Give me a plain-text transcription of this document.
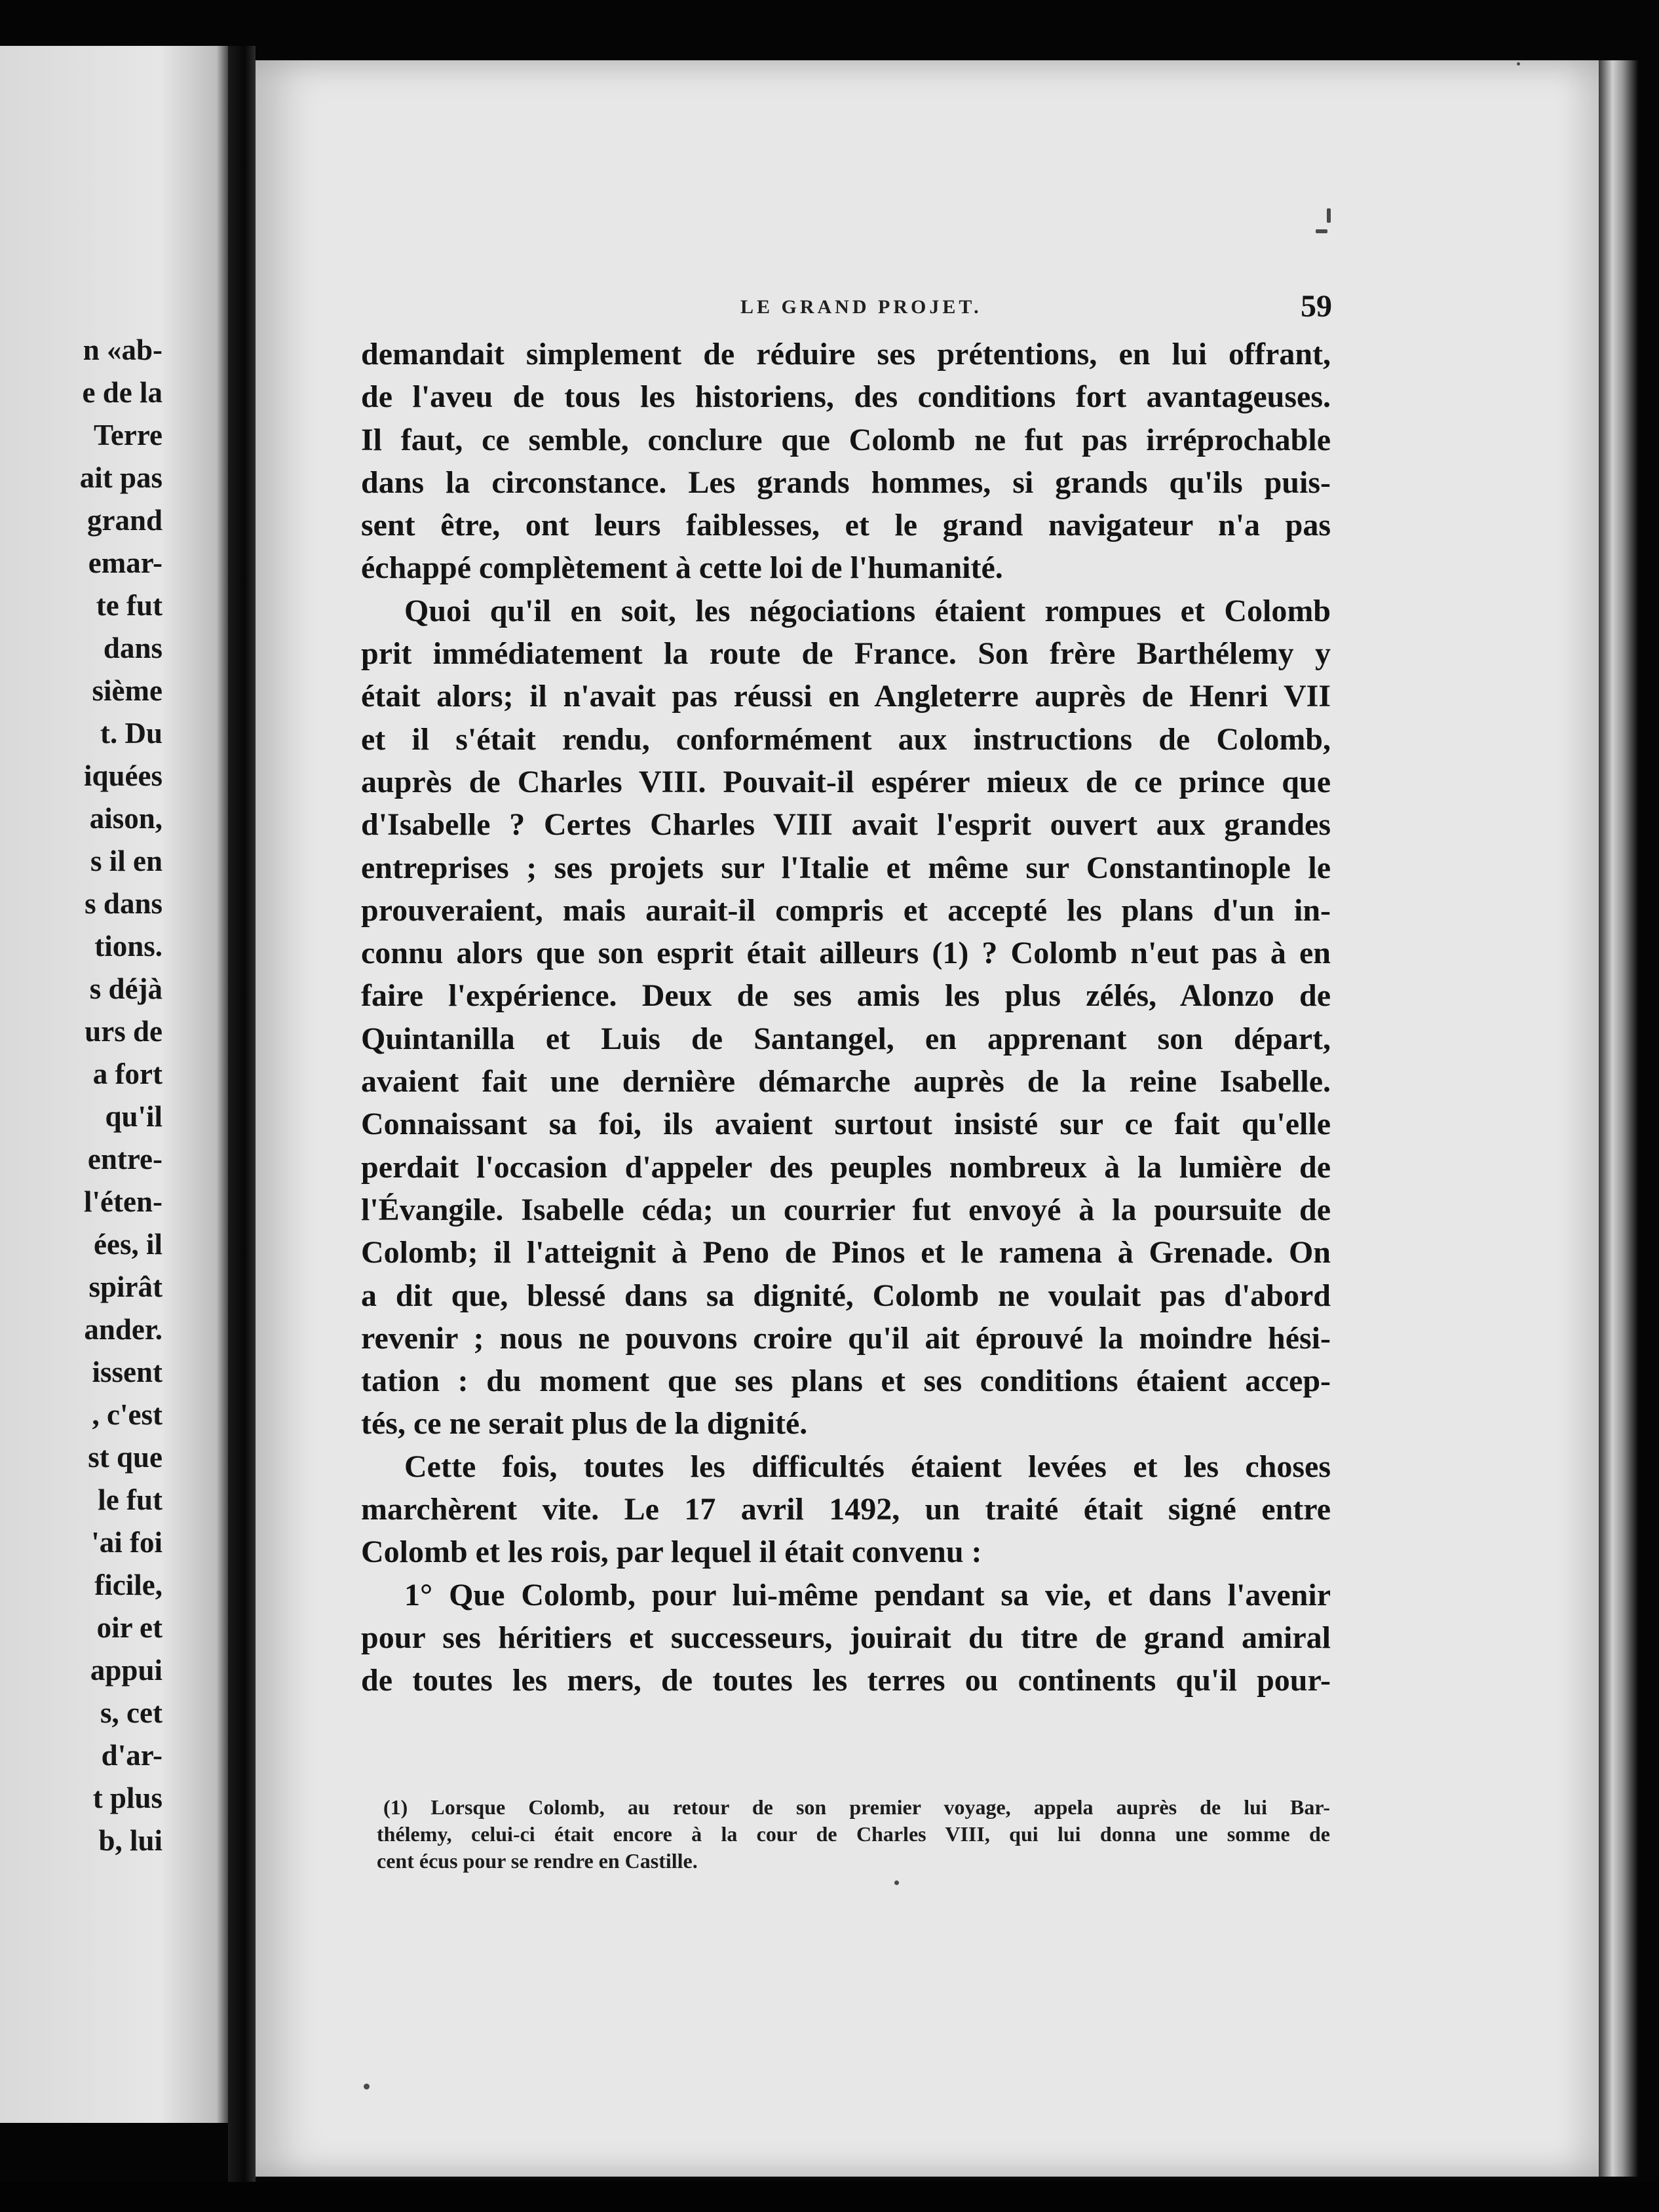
n «ab-
e de la
Terre
ait pas
grand
emar-
te fut
dans
sième
t. Du
iquées
aison,
s il en
s dans
tions.
s déjà
urs de
a fort
qu'il
entre-
l'éten-
ées, il
spirât
ander.
issent
, c'est
st que
le fut
'ai foi
ficile,
oir et
appui
s, cet
d'ar-
t plus
b, lui
LE GRAND PROJET.	59
demandait simplement de réduire ses prétentions, en lui offrant,
de l'aveu de tous les historiens, des conditions fort avantageuses.
Il faut, ce semble, conclure que Colomb ne fut pas irréprochable
dans la circonstance. Les grands hommes, si grands qu'ils puis-
sent être, ont leurs faiblesses, et le grand navigateur n'a pas
échappé complètement à cette loi de l'humanité.
Quoi qu'il en soit, les négociations étaient rompues et Colomb
prit immédiatement la route de France. Son frère Barthélemy y
était alors; il n'avait pas réussi en Angleterre auprès de Henri VII
et il s'était rendu, conformément aux instructions de Colomb,
auprès de Charles VIII. Pouvait-il espérer mieux de ce prince que
d'Isabelle ? Certes Charles VIII avait l'esprit ouvert aux grandes
entreprises ; ses projets sur l'Italie et même sur Constantinople le
prouveraient, mais aurait-il compris et accepté les plans d'un in-
connu alors que son esprit était ailleurs (1) ? Colomb n'eut pas à en
faire l'expérience. Deux de ses amis les plus zélés, Alonzo de
Quintanilla et Luis de Santangel, en apprenant son départ,
avaient fait une dernière démarche auprès de la reine Isabelle.
Connaissant sa foi, ils avaient surtout insisté sur ce fait qu'elle
perdait l'occasion d'appeler des peuples nombreux à la lumière de
l'Évangile. Isabelle céda; un courrier fut envoyé à la poursuite de
Colomb; il l'atteignit à Peno de Pinos et le ramena à Grenade. On
a dit que, blessé dans sa dignité, Colomb ne voulait pas d'abord
revenir ; nous ne pouvons croire qu'il ait éprouvé la moindre hési-
tation : du moment que ses plans et ses conditions étaient accep-
tés, ce ne serait plus de la dignité.
Cette fois, toutes les difficultés étaient levées et les choses
marchèrent vite. Le 17 avril 1492, un traité était signé entre
Colomb et les rois, par lequel il était convenu :
1° Que Colomb, pour lui-même pendant sa vie, et dans l'avenir
pour ses héritiers et successeurs, jouirait du titre de grand amiral
de toutes les mers, de toutes les terres ou continents qu'il pour-
(1) Lorsque Colomb, au retour de son premier voyage, appela auprès de lui Bar-
thélemy, celui-ci était encore à la cour de Charles VIII, qui lui donna une somme de
cent écus pour se rendre en Castille.
